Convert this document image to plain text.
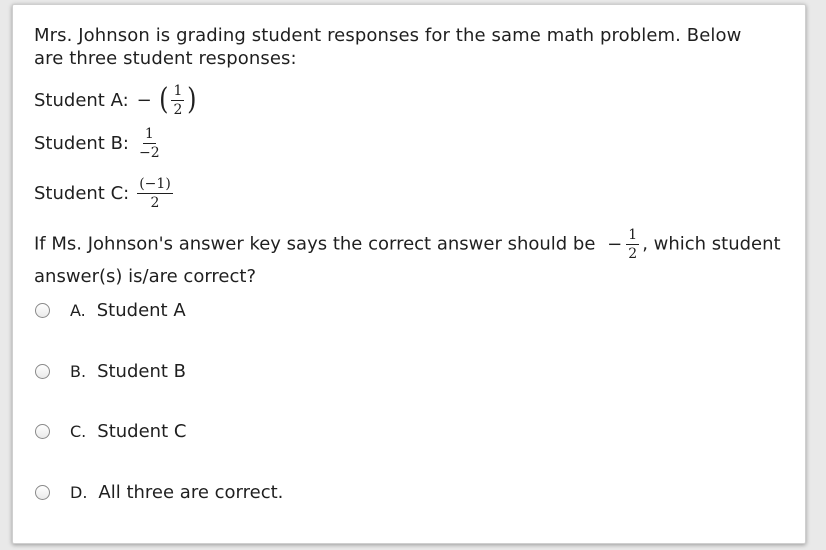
Mrs. Johnson is grading student responses for the same math problem. Below are three student responses:
Student A: − ( $\frac{1}{2}$ )
Student B: $\frac{1}{-2}$
Student C: $\frac{(-1)}{2}$
If Ms. Johnson's answer key says the correct answer should be − $\frac{1}{2}$ , which student answer(s) is/are correct?
A. Student A
B. Student B
C. Student C
D. All three are correct.
